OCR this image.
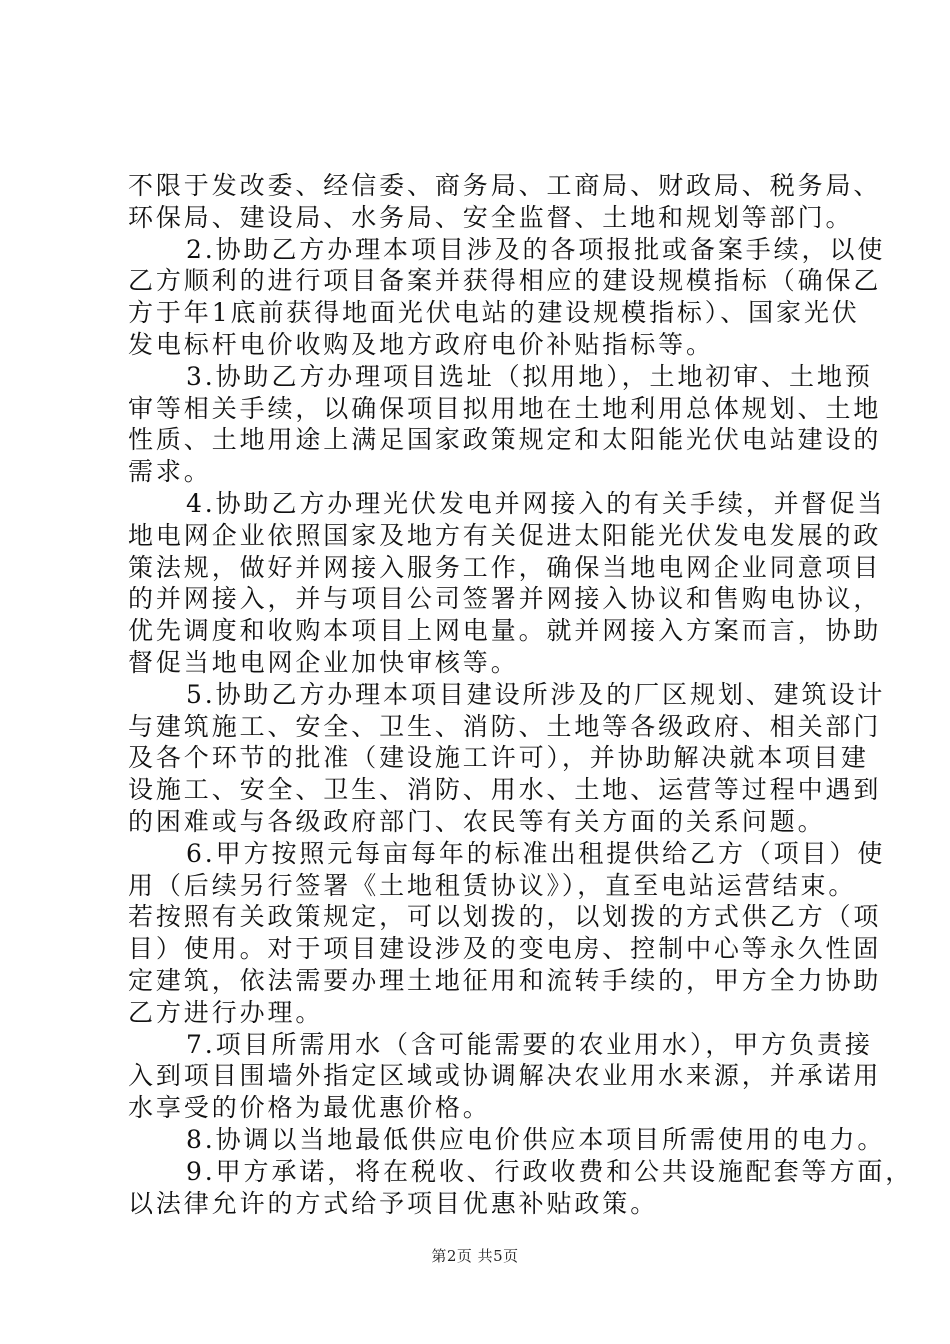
不限于发改委、经信委、商务局、工商局、财政局、税务局、
环保局、建设局、水务局、安全监督、土地和规划等部门。
2.协助乙方办理本项目涉及的各项报批或备案手续，以使
乙方顺利的进行项目备案并获得相应的建设规模指标（确保乙
方于年1底前获得地面光伏电站的建设规模指标）、国家光伏
发电标杆电价收购及地方政府电价补贴指标等。
3.协助乙方办理项目选址（拟用地），土地初审、土地预
审等相关手续，以确保项目拟用地在土地利用总体规划、土地
性质、土地用途上满足国家政策规定和太阳能光伏电站建设的
需求。
4.协助乙方办理光伏发电并网接入的有关手续，并督促当
地电网企业依照国家及地方有关促进太阳能光伏发电发展的政
策法规，做好并网接入服务工作，确保当地电网企业同意项目
的并网接入，并与项目公司签署并网接入协议和售购电协议，
优先调度和收购本项目上网电量。就并网接入方案而言，协助
督促当地电网企业加快审核等。
5.协助乙方办理本项目建设所涉及的厂区规划、建筑设计
与建筑施工、安全、卫生、消防、土地等各级政府、相关部门
及各个环节的批准（建设施工许可），并协助解决就本项目建
设施工、安全、卫生、消防、用水、土地、运营等过程中遇到
的困难或与各级政府部门、农民等有关方面的关系问题。
6.甲方按照元每亩每年的标准出租提供给乙方（项目）使
用（后续另行签署《土地租赁协议》），直至电站运营结束。
若按照有关政策规定，可以划拨的，以划拨的方式供乙方（项
目）使用。对于项目建设涉及的变电房、控制中心等永久性固
定建筑，依法需要办理土地征用和流转手续的，甲方全力协助
乙方进行办理。
7.项目所需用水（含可能需要的农业用水），甲方负责接
入到项目围墙外指定区域或协调解决农业用水来源，并承诺用
水享受的价格为最优惠价格。
8.协调以当地最低供应电价供应本项目所需使用的电力。
9.甲方承诺，将在税收、行政收费和公共设施配套等方面，
以法律允许的方式给予项目优惠补贴政策。
第2页 共5页
